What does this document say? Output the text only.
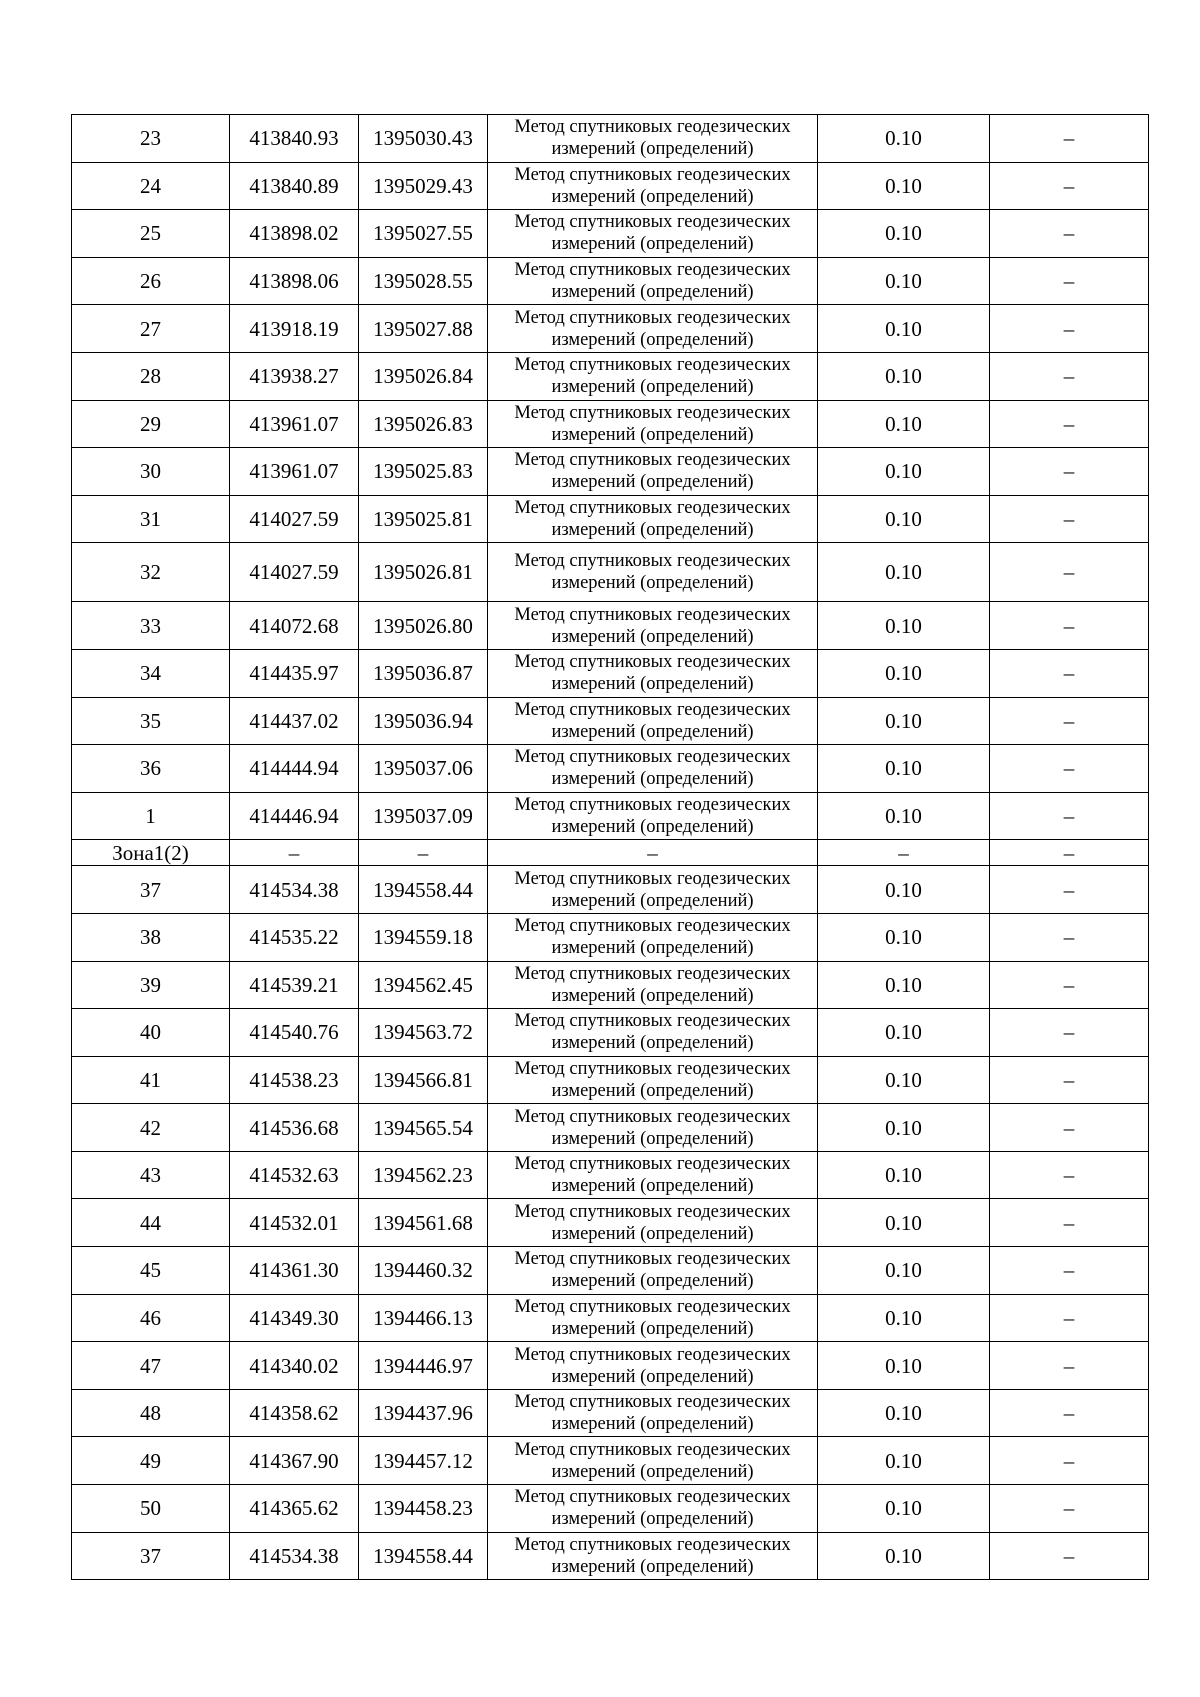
23	413840.93	1395030.43	Метод спутниковых геодезических
измерений (определений)	0.10	–
24	413840.89	1395029.43	Метод спутниковых геодезических
измерений (определений)	0.10	–
25	413898.02	1395027.55	Метод спутниковых геодезических
измерений (определений)	0.10	–
26	413898.06	1395028.55	Метод спутниковых геодезических
измерений (определений)	0.10	–
27	413918.19	1395027.88	Метод спутниковых геодезических
измерений (определений)	0.10	–
28	413938.27	1395026.84	Метод спутниковых геодезических
измерений (определений)	0.10	–
29	413961.07	1395026.83	Метод спутниковых геодезических
измерений (определений)	0.10	–
30	413961.07	1395025.83	Метод спутниковых геодезических
измерений (определений)	0.10	–
31	414027.59	1395025.81	Метод спутниковых геодезических
измерений (определений)	0.10	–
32	414027.59	1395026.81	Метод спутниковых геодезических
измерений (определений)	0.10	–
33	414072.68	1395026.80	Метод спутниковых геодезических
измерений (определений)	0.10	–
34	414435.97	1395036.87	Метод спутниковых геодезических
измерений (определений)	0.10	–
35	414437.02	1395036.94	Метод спутниковых геодезических
измерений (определений)	0.10	–
36	414444.94	1395037.06	Метод спутниковых геодезических
измерений (определений)	0.10	–
1	414446.94	1395037.09	Метод спутниковых геодезических
измерений (определений)	0.10	–
Зона1(2)	–	–	–	–	–
37	414534.38	1394558.44	Метод спутниковых геодезических
измерений (определений)	0.10	–
38	414535.22	1394559.18	Метод спутниковых геодезических
измерений (определений)	0.10	–
39	414539.21	1394562.45	Метод спутниковых геодезических
измерений (определений)	0.10	–
40	414540.76	1394563.72	Метод спутниковых геодезических
измерений (определений)	0.10	–
41	414538.23	1394566.81	Метод спутниковых геодезических
измерений (определений)	0.10	–
42	414536.68	1394565.54	Метод спутниковых геодезических
измерений (определений)	0.10	–
43	414532.63	1394562.23	Метод спутниковых геодезических
измерений (определений)	0.10	–
44	414532.01	1394561.68	Метод спутниковых геодезических
измерений (определений)	0.10	–
45	414361.30	1394460.32	Метод спутниковых геодезических
измерений (определений)	0.10	–
46	414349.30	1394466.13	Метод спутниковых геодезических
измерений (определений)	0.10	–
47	414340.02	1394446.97	Метод спутниковых геодезических
измерений (определений)	0.10	–
48	414358.62	1394437.96	Метод спутниковых геодезических
измерений (определений)	0.10	–
49	414367.90	1394457.12	Метод спутниковых геодезических
измерений (определений)	0.10	–
50	414365.62	1394458.23	Метод спутниковых геодезических
измерений (определений)	0.10	–
37	414534.38	1394558.44	Метод спутниковых геодезических
измерений (определений)	0.10	–
